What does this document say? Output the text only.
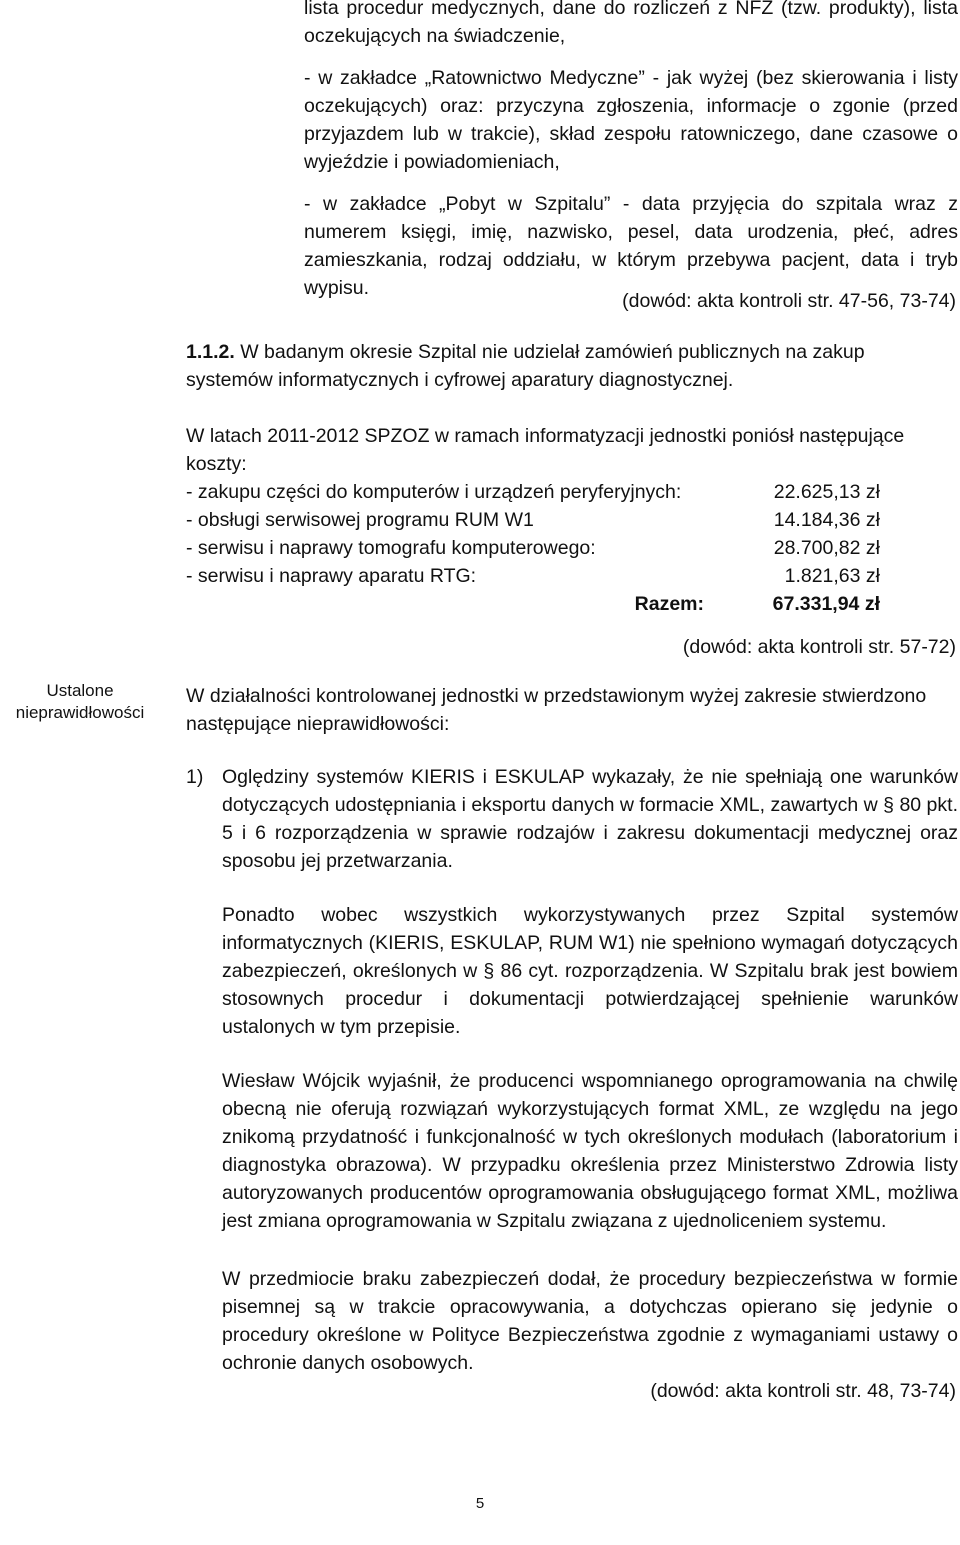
lista procedur medycznych, dane do rozliczeń z NFZ (tzw. produkty), lista oczekujących na świadczenie,

- w zakładce „Ratownictwo Medyczne” - jak wyżej (bez skierowania i listy oczekujących) oraz: przyczyna zgłoszenia, informacje o zgonie (przed przyjazdem lub w trakcie), skład zespołu ratowniczego, dane czasowe o wyjeździe i powiadomieniach,

- w zakładce „Pobyt w Szpitalu” - data przyjęcia do szpitala wraz z numerem księgi, imię, nazwisko, pesel, data urodzenia, płeć, adres zamieszkania, rodzaj oddziału, w którym przebywa pacjent, data i tryb wypisu.

(dowód: akta kontroli str. 47-56, 73-74)

1.1.2. W badanym okresie Szpital nie udzielał zamówień publicznych na zakup systemów informatycznych i cyfrowej aparatury diagnostycznej.

W latach 2011-2012 SPZOZ w ramach informatyzacji jednostki poniósł następujące koszty:

- zakupu części do komputerów i urządzeń peryferyjnych:	22.625,13 zł
- obsługi serwisowej programu RUM W1	14.184,36 zł
- serwisu i naprawy tomografu komputerowego:	28.700,82 zł
- serwisu i naprawy aparatu RTG:	1.821,63 zł
Razem:	67.331,94 zł

(dowód: akta kontroli str. 57-72)

Ustalone nieprawidłowości

W działalności kontrolowanej jednostki w przedstawionym wyżej zakresie stwierdzono następujące nieprawidłowości:

1) Oględziny systemów KIERIS i ESKULAP wykazały, że nie spełniają one warunków dotyczących udostępniania i eksportu danych w formacie XML, zawartych w § 80 pkt. 5 i 6 rozporządzenia w sprawie rodzajów i zakresu dokumentacji medycznej oraz sposobu jej przetwarzania.

Ponadto wobec wszystkich wykorzystywanych przez Szpital systemów informatycznych (KIERIS, ESKULAP, RUM W1) nie spełniono wymagań dotyczących zabezpieczeń, określonych w § 86 cyt. rozporządzenia. W Szpitalu brak jest bowiem stosownych procedur i dokumentacji potwierdzającej spełnienie warunków ustalonych w tym przepisie.

Wiesław Wójcik wyjaśnił, że producenci wspomnianego oprogramowania na chwilę obecną nie oferują rozwiązań wykorzystujących format XML, ze względu na jego znikomą przydatność i funkcjonalność w tych określonych modułach (laboratorium i diagnostyka obrazowa). W przypadku określenia przez Ministerstwo Zdrowia listy autoryzowanych producentów oprogramowania obsługującego format XML, możliwa jest zmiana oprogramowania w Szpitalu związana z ujednoliceniem systemu.

W przedmiocie braku zabezpieczeń dodał, że procedury bezpieczeństwa w formie pisemnej są w trakcie opracowywania, a dotychczas opierano się jedynie o procedury określone w Polityce Bezpieczeństwa zgodnie z wymaganiami ustawy o ochronie danych osobowych.

(dowód: akta kontroli str. 48, 73-74)

5
